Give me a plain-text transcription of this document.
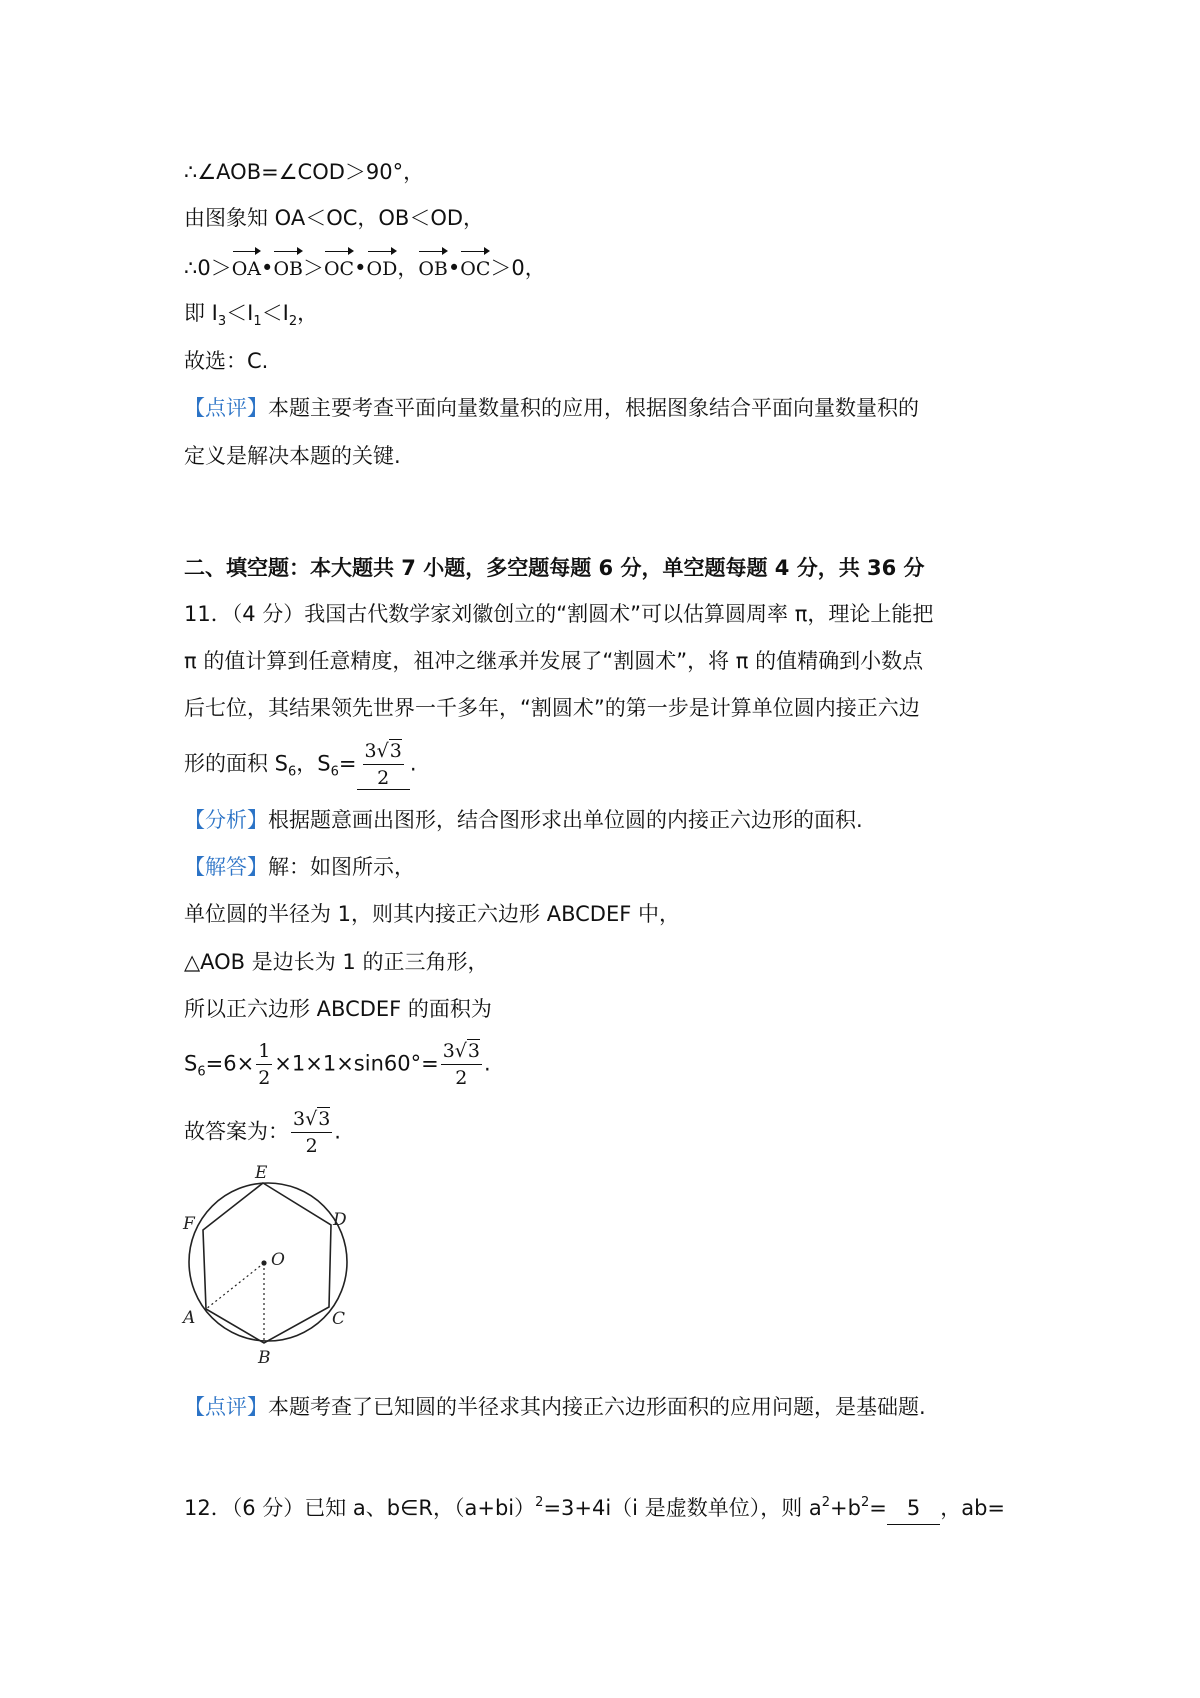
∴∠AOB=∠COD＞90°，
由图象知 OA＜OC，OB＜OD，
∴0＞OA•OB＞OC•OD，OB•OC＞0，
即 $I_3<I_1<I_2$，
故选：C.
【点评】本题主要考查平面向量数量积的应用，根据图象结合平面向量数量积的
定义是解决本题的关键.
二、填空题：本大题共 7 小题，多空题每题 6 分，单空题每题 4 分，共 36 分
11．（4 分）我国古代数学家刘徽创立的“割圆术”可以估算圆周率 π，理论上能把
π 的值计算到任意精度，祖冲之继承并发展了“割圆术”，将 π 的值精确到小数点
后七位，其结果领先世界一千多年，“割圆术”的第一步是计算单位圆内接正六边
形的面积 $S_6$，$S_6= \frac{3√3}{2}$ .
【分析】根据题意画出图形，结合图形求出单位圆的内接正六边形的面积.
【解答】解：如图所示，
单位圆的半径为 1，则其内接正六边形 ABCDEF 中，
△AOB 是边长为 1 的正三角形，
所以正六边形 ABCDEF 的面积为
$S_6=6\times \frac{1}{2} \times 1\times 1\times\sin 60^\circ= \frac{3√3}{2}$ .
故答案为： $\frac{3√3}{2}$ .
E
D
F
O
A	C
B
【点评】本题考查了已知圆的半径求其内接正六边形面积的应用问题，是基础题.
12．（6 分）已知 a、b∈R，$(a+bi)^2=3+4i(i$ 是虚数单位），则 $a^2+b^2= 5$ ，ab=
